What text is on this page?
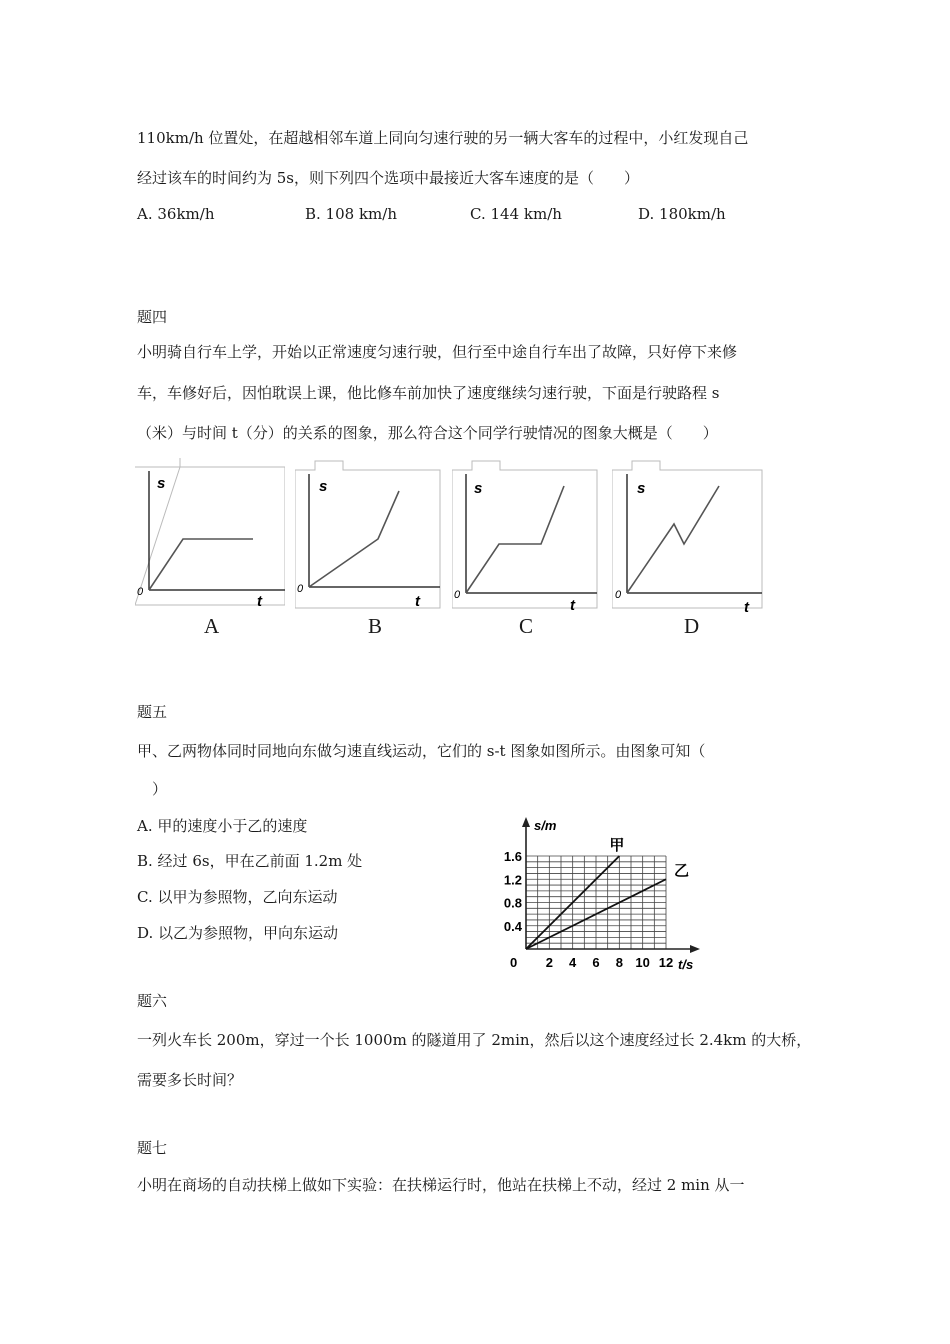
110km/h 位置处，在超越相邻车道上同向匀速行驶的另一辆大客车的过程中，小红发现自己
经过该车的时间约为 5s，则下列四个选项中最接近大客车速度的是（　　）
A. 36km/h	B. 108 km/h	C. 144 km/h	D. 180km/h
题四
小明骑自行车上学，开始以正常速度匀速行驶，但行至中途自行车出了故障，只好停下来修
车，车修好后，因怕耽误上课，他比修车前加快了速度继续匀速行驶，下面是行驶路程 s
（米）与时间 t（分）的关系的图象，那么符合这个同学行驶情况的图象大概是（　　）
s
t
0
A
s
t
0
B
s
t
0
C
s
t
0
D
题五
甲、乙两物体同时同地向东做匀速直线运动，它们的 s-t 图象如图所示。由图象可知（
）
A. 甲的速度小于乙的速度
B. 经过 6s，甲在乙前面 1.2m 处
C. 以甲为参照物，乙向东运动
D. 以乙为参照物，甲向东运动
2 4 6 8 10 12
0.4
0.8
1.2
1.6
甲
乙
s/m
t/s
0
题六
一列火车长 200m，穿过一个长 1000m 的隧道用了 2min，然后以这个速度经过长 2.4km 的大桥，
需要多长时间？
题七
小明在商场的自动扶梯上做如下实验：在扶梯运行时，他站在扶梯上不动，经过 2 min 从一
